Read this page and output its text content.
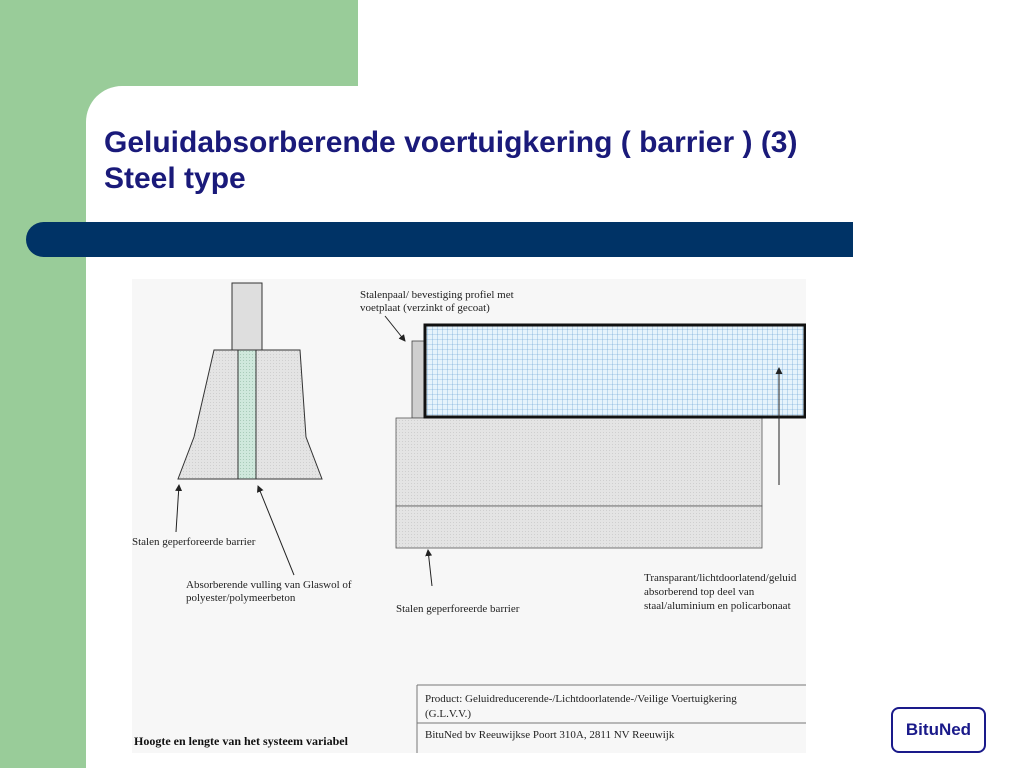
Geluidabsorberende voertuigkering ( barrier ) (3)
Steel type
Stalen geperforeerde barrier
Absorberende vulling van Glaswol of
polyester/polymeerbeton
Stalenpaal/ bevestiging profiel met
voetplaat (verzinkt of gecoat)
Stalen geperforeerde barrier
Transparant/lichtdoorlatend/geluid
absorberend top deel van
staal/aluminium en policarbonaat
Product: Geluidreducerende-/Lichtdoorlatende-/Veilige Voertuigkering
(G.L.V.V.)
BituNed bv Reeuwijkse Poort 310A, 2811 NV Reeuwijk
Hoogte en lengte van het systeem variabel
BituNed
